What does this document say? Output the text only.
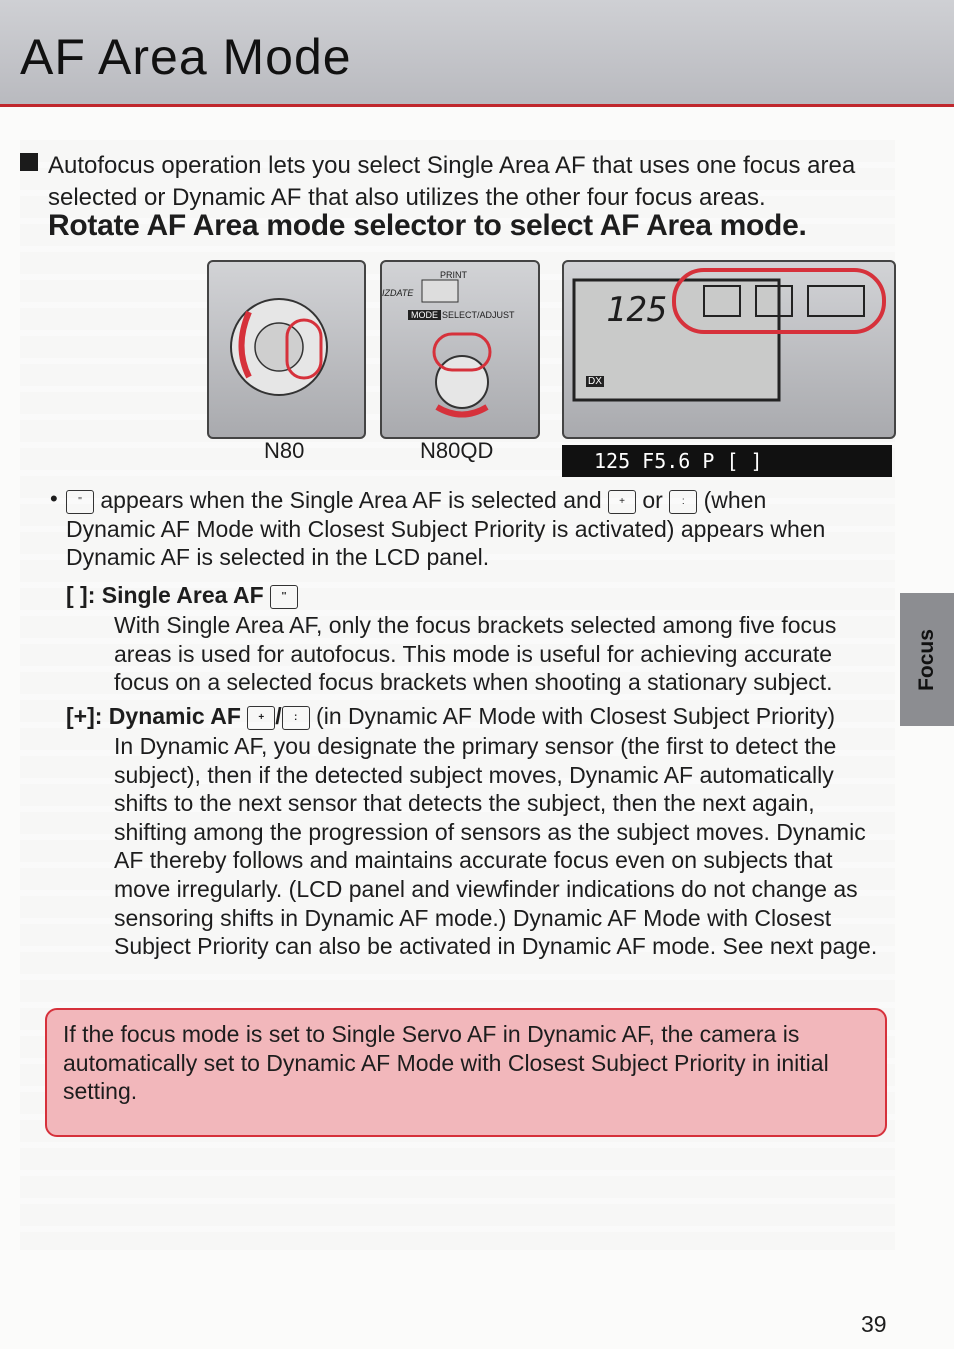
AF Area Mode

Autofocus operation lets you select Single Area AF that uses one focus area selected or Dynamic AF that also utilizes the other four focus areas.

Rotate AF Area mode selector to select AF Area mode.
PRINT
IZDATE
MODE SELECT/ADJUST	125
DX
N80	N80QD	125 F5.6 P [ ]
•	'' appears when the Single Area AF is selected and + or : (when Dynamic AF Mode with Closest Subject Priority is activated) appears when Dynamic AF is selected in the LCD panel.

[ ]: Single Area AF ''

With Single Area AF, only the focus brackets selected among five focus areas is used for autofocus. This mode is useful for achieving accurate focus on a selected focus brackets when shooting a stationary subject.

[+]: Dynamic AF + / : (in Dynamic AF Mode with Closest Subject Priority)

In Dynamic AF, you designate the primary sensor (the first to detect the subject), then if the detected subject moves, Dynamic AF automatically shifts to the next sensor that detects the subject, then the next again, shifting among the progression of sensors as the subject moves. Dynamic AF thereby follows and maintains accurate focus even on subjects that move irregularly. (LCD panel and viewfinder indications do not change as sensoring shifts in Dynamic AF mode.) Dynamic AF Mode with Closest Subject Priority can also be activated in Dynamic AF mode. See next page.

Focus

If the focus mode is set to Single Servo AF in Dynamic AF, the camera is automatically set to Dynamic AF Mode with Closest Subject Priority in initial setting.

39
